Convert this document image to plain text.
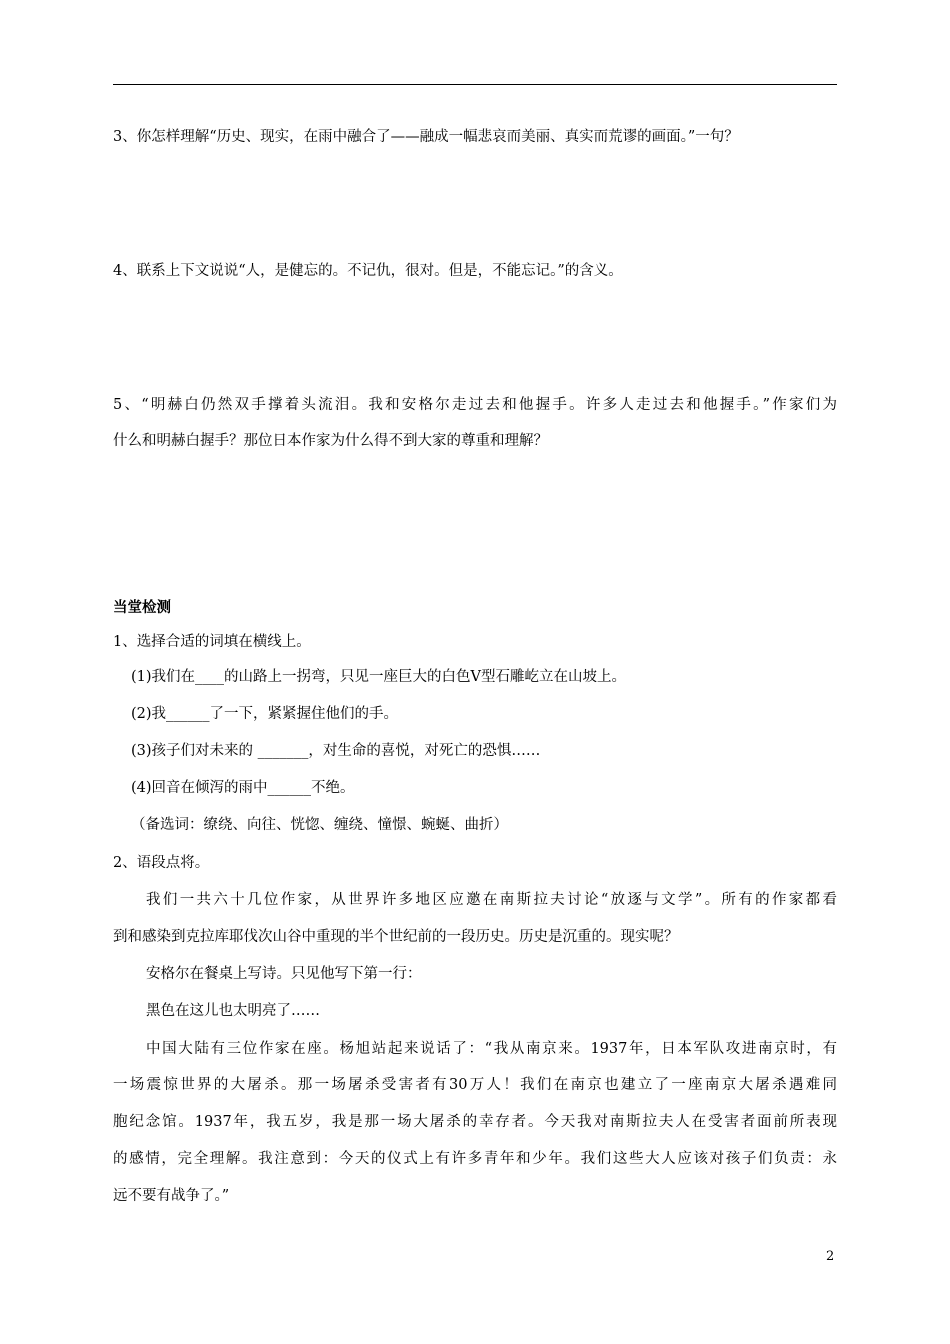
3、你怎样理解“历史、现实，在雨中融合了——融成一幅悲哀而美丽、真实而荒谬的画面。”一句？
4、联系上下文说说“人，是健忘的。不记仇，很对。但是，不能忘记。”的含义。
5、“明赫白仍然双手撑着头流泪。我和安格尔走过去和他握手。许多人走过去和他握手。”作家们为
什么和明赫白握手？那位日本作家为什么得不到大家的尊重和理解？
当堂检测
1、选择合适的词填在横线上。
(1)我们在____的山路上一拐弯，只见一座巨大的白色V型石雕屹立在山坡上。
(2)我______了一下，紧紧握住他们的手。
(3)孩子们对未来的 _______，对生命的喜悦，对死亡的恐惧……
(4)回音在倾泻的雨中______不绝。
（备选词：缭绕、向往、恍惚、缠绕、憧憬、蜿蜒、曲折）
2、语段点将。
我们一共六十几位作家，从世界许多地区应邀在南斯拉夫讨论“放逐与文学”。所有的作家都看
到和感染到克拉库耶伐次山谷中重现的半个世纪前的一段历史。历史是沉重的。现实呢？
安格尔在餐桌上写诗。只见他写下第一行：
黑色在这儿也太明亮了……
中国大陆有三位作家在座。杨旭站起来说话了：“我从南京来。1937年，日本军队攻进南京时，有
一场震惊世界的大屠杀。那一场屠杀受害者有30万人！我们在南京也建立了一座南京大屠杀遇难同
胞纪念馆。1937年，我五岁，我是那一场大屠杀的幸存者。今天我对南斯拉夫人在受害者面前所表现
的感情，完全理解。我注意到：今天的仪式上有许多青年和少年。我们这些大人应该对孩子们负责：永
远不要有战争了。”
2
